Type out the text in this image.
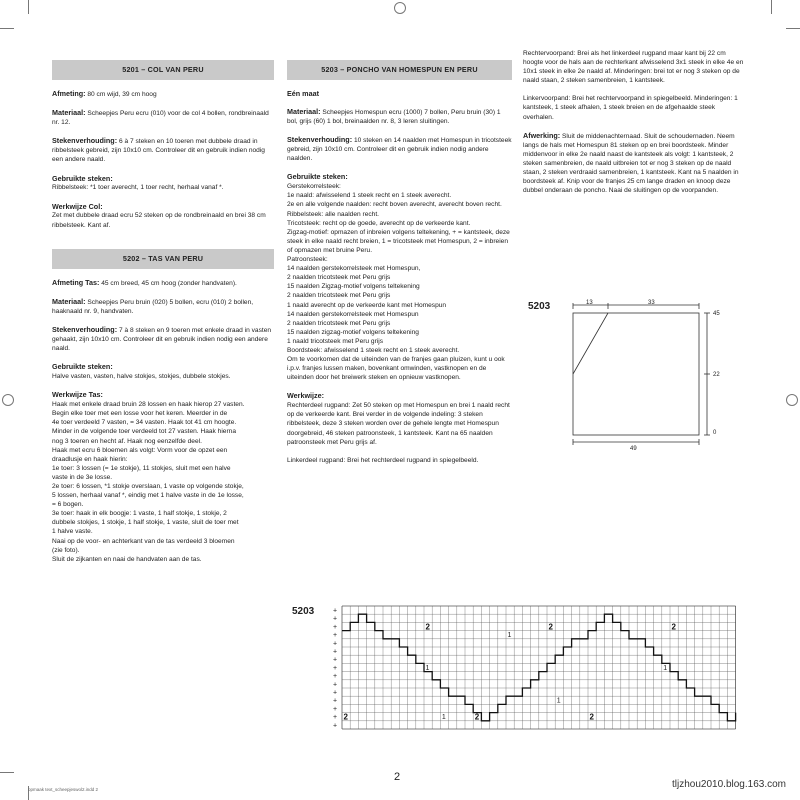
5201 – COL VAN PERU
Afmeting: 80 cm wijd, 39 cm hoog
Materiaal: Scheepjes Peru ecru (010) voor de col 4 bollen, rondbreinaald nr. 12.
Stekenverhouding: 6 à 7 steken en 10 toeren met dubbele draad in ribbelsteek gebreid, zijn 10x10 cm. Controleer dit en gebruik indien nodig een andere naald.
Gebruikte steken:
Ribbelsteek: *1 toer averecht, 1 toer recht, herhaal vanaf *.
Werkwijze Col:
Zet met dubbele draad ecru 52 steken op de rondbreinaald en brei 38 cm ribbelsteek. Kant af.
5202 – TAS VAN PERU
Afmeting Tas: 45 cm breed, 45 cm hoog (zonder handvaten).
Materiaal: Scheepjes Peru bruin (020) 5 bollen, ecru (010) 2 bollen, haaknaald nr. 9, handvaten.
Stekenverhouding: 7 à 8 steken en 9 toeren met enkele draad in vasten gehaakt, zijn 10x10 cm. Controleer dit en gebruik indien nodig een andere naald.
Gebruikte steken:
Halve vasten, vasten, halve stokjes, stokjes, dubbele stokjes.
Werkwijze Tas:
Haak met enkele draad bruin 28 lossen en haak hierop 27 vasten.
Begin elke toer met een losse voor het keren. Meerder in de
4e toer verdeeld 7 vasten, = 34 vasten. Haak tot 41 cm hoogte.
Minder in de volgende toer verdeeld tot 27 vasten. Haak hierna
nog 3 toeren en hecht af. Haak nog eenzelfde deel.
Haak met ecru 6 bloemen als volgt: Vorm voor de opzet een
draadlusje en haak hierin:
1e toer: 3 lossen (= 1e stokje), 11 stokjes, sluit met een halve
vaste in de 3e losse.
2e toer: 6 lossen, *1 stokje overslaan, 1 vaste op volgende stokje,
5 lossen, herhaal vanaf *, eindig met 1 halve vaste in de 1e losse,
= 6 bogen.
3e toer: haak in elk boogje: 1 vaste, 1 half stokje, 1 stokje, 2
dubbele stokjes, 1 stokje, 1 half stokje, 1 vaste, sluit de toer met
1 halve vaste.
Naai op de voor- en achterkant van de tas verdeeld 3 bloemen
(zie foto).
Sluit de zijkanten en naai de handvaten aan de tas.
5203 – PONCHO VAN HOMESPUN EN PERU
Eén maat
Materiaal: Scheepjes Homespun ecru (1000) 7 bollen, Peru bruin (30) 1 bol, grijs (60) 1 bol, breinaalden nr. 8, 3 leren sluitingen.
Stekenverhouding: 10 steken en 14 naalden met Homespun in tricotsteek gebreid, zijn 10x10 cm. Controleer dit en gebruik indien nodig andere naalden.
Gebruikte steken:
Gerstekorrelsteek:
1e naald: afwisselend 1 steek recht en 1 steek averecht.
2e en alle volgende naalden: recht boven averecht, averecht boven recht.
Ribbelsteek: alle naalden recht.
Tricotsteek: recht op de goede, averecht op de verkeerde kant.
Zigzag-motief: opmazen of inbreien volgens teltekening, + = kantsteek, deze steek in elke naald recht breien, 1 = tricotsteek met Homespun, 2 = inbreien of opmazen met bruine Peru.
Patroonsteek:
14 naalden gerstekorrelsteek met Homespun,
2 naalden tricotsteek met Peru grijs
15 naalden Zigzag-motief volgens teltekening
2 naalden tricotsteek met Peru grijs
1 naald averecht op de verkeerde kant met Homespun
14 naalden gerstekorrelsteek met Homespun
2 naalden tricotsteek met Peru grijs
15 naalden zigzag-motief volgens teltekening
1 naald tricotsteek met Peru grijs
Boordsteek: afwisselend 1 steek recht en 1 steek averecht.
Om te voorkomen dat de uiteinden van de franjes gaan pluizen, kunt u ook i.p.v. franjes lussen maken, bovenkant omwinden, vastknopen en de uiteinden door het breiwerk steken en opnieuw vastknopen.
Werkwijze:
Rechterdeel rugpand: Zet 50 steken op met Homespun en brei 1 naald recht op de verkeerde kant. Brei verder in de volgende indeling: 3 steken ribbelsteek, deze 3 steken worden over de gehele lengte met Homespun doorgebreid, 46 steken patroonsteek, 1 kantsteek. Kant na 65 naalden patroonsteek met Peru grijs af.
Linkerdeel rugpand: Brei het rechterdeel rugpand in spiegelbeeld.
Rechtervoorpand: Brei als het linkerdeel rugpand maar kant bij 22 cm hoogte voor de hals aan de rechterkant afwisselend 3x1 steek in elke 4e en 10x1 steek in elke 2e naald af. Minderingen: brei tot er nog 3 steken op de naald staan, 2 steken samenbreien, 1 kantsteek.
Linkervoorpand: Brei het rechtervoorpand in spiegelbeeld. Minderingen: 1 kantsteek, 1 steek afhalen, 1 steek breien en de afgehaalde steek overhalen.
Afwerking: Sluit de middenachternaad. Sluit de schoudernaden. Neem langs de hals met Homespun 81 steken op en brei boordsteek. Minder middenvoor in elke 2e naald naast de kantsteek als volgt: 1 kantsteek, 2 steken samenbreien, de naald uitbreien tot er nog 3 steken op de naald staan, 2 steken verdraaid samenbreien, 1 kantsteek. Kant na 5 naalden in boordsteek af. Knip voor de franjes 25 cm lange draden en knoop deze dubbel onderaan de poncho. Naai de sluitingen op de voorpanden.
5203	13	33
45
22
0
49
5203	+
+
+
+
+
+
+
+
+
+
+
+
+
+
+
1
1
1
1
1
2	2	2
2	2	2
2
opmaak text_scheepjeswol2.indd 2	tljzhou2010.blog.163.com
